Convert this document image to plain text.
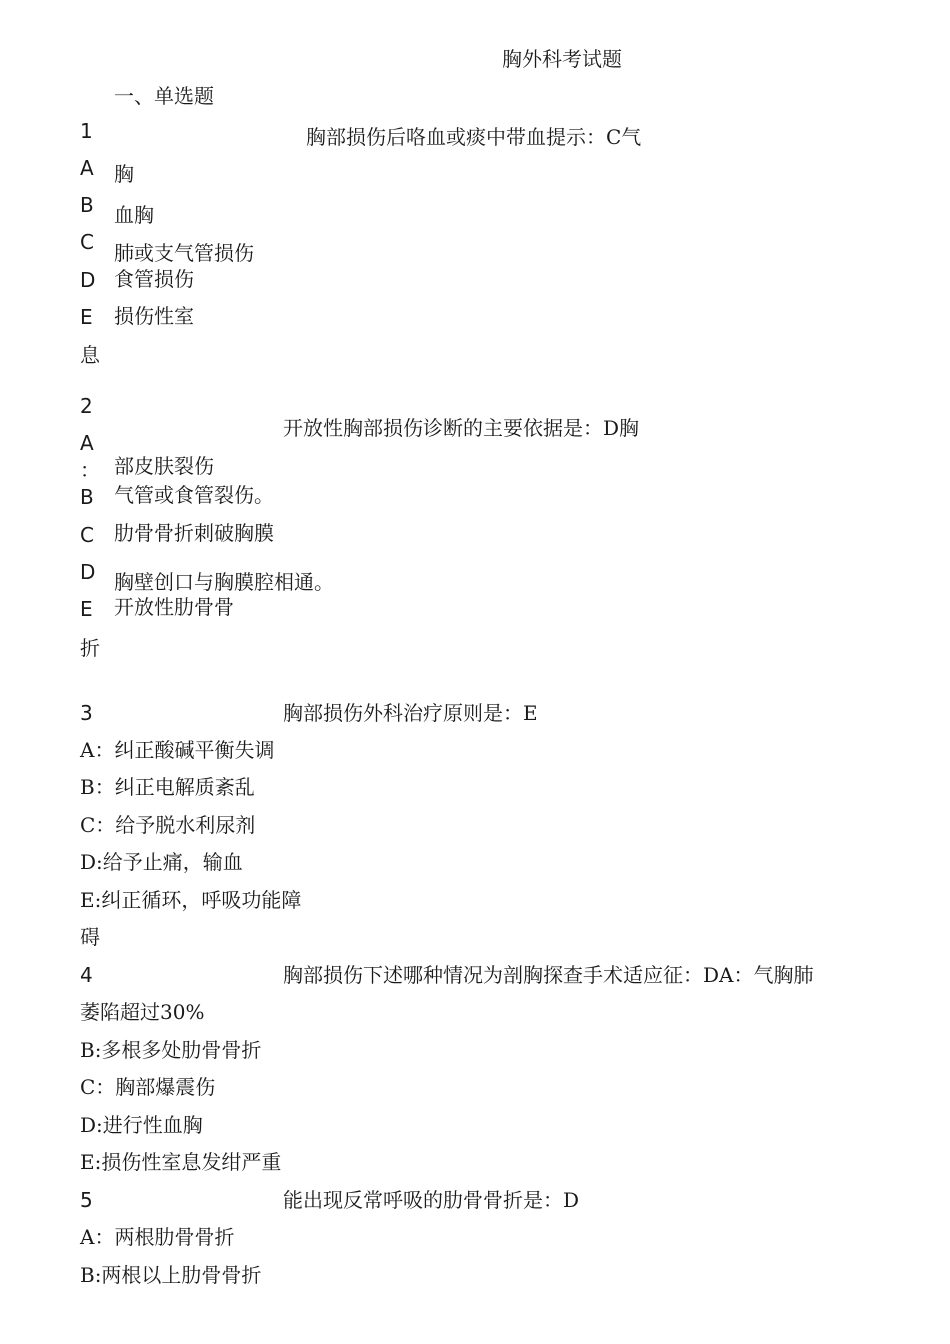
胸外科考试题
一、单选题
1	胸部损伤后咯血或痰中带血提示：C气
A 胸
B 血胸
C 肺或支气管损伤
D 食管损伤
E 损伤性室
息
2
开放性胸部损伤诊断的主要依据是：D胸
A
： 部皮肤裂伤
B 气管或食管裂伤。
C 肋骨骨折刺破胸膜
D 胸壁创口与胸膜腔相通。
E 开放性肋骨骨
折
3	胸部损伤外科治疗原则是：E
A：纠正酸碱平衡失调
B：纠正电解质紊乱
C：给予脱水利尿剂
D:给予止痛，输血
E:纠正循环，呼吸功能障
碍
4	胸部损伤下述哪种情况为剖胸探查手术适应征：DA：气胸肺
萎陷超过30%
B:多根多处肋骨骨折
C：胸部爆震伤
D:进行性血胸
E:损伤性室息发绀严重
5	能出现反常呼吸的肋骨骨折是：D
A：两根肋骨骨折
B:两根以上肋骨骨折
